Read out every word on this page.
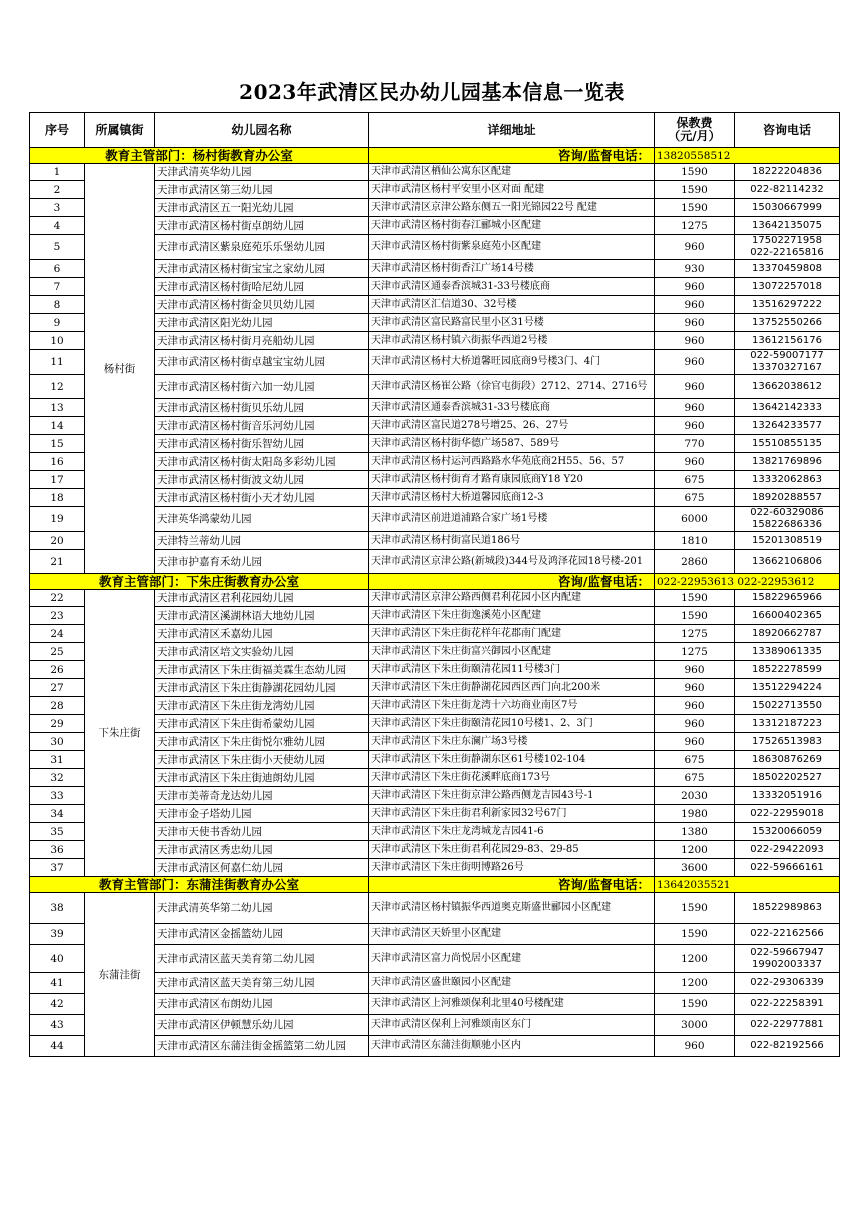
2023年武清区民办幼儿园基本信息一览表
序号	所属镇街	幼儿园名称	详细地址	保教费
（元/月）	咨询电话
教育主管部门：杨村街教育办公室			咨询/监督电话：	13820558512	
1	杨村街	天津武清英华幼儿园	天津市武清区栖仙公寓东区配建	1590	18222204836
2		天津市武清区第三幼儿园	天津市武清区杨村平安里小区对面 配建	1590	022-82114232
3		天津市武清区五一阳光幼儿园	天津市武清区京津公路东侧五一阳光锦园22号 配建	1590	15030667999
4		天津市武清区杨村街卓朗幼儿园	天津市武清区杨村街春江郦城小区配建	1275	13642135075
5		天津市武清区紫泉庭苑乐乐堡幼儿园	天津市武清区杨村街紫泉庭苑小区配建	960	17502271958
022-22165816
6		天津市武清区杨村街宝宝之家幼儿园	天津市武清区杨村街香江广场14号楼	930	13370459808
7		天津市武清区杨村街哈尼幼儿园	天津市武清区通泰香滨城31-33号楼底商	960	13072257018
8		天津市武清区杨村街金贝贝幼儿园	天津市武清区汇信道30、32号楼	960	13516297222
9		天津市武清区阳光幼儿园	天津市武清区富民路富民里小区31号楼	960	13752550266
10		天津市武清区杨村街月亮船幼儿园	天津市武清区杨村镇六街振华西道2号楼	960	13612156176
11		天津市武清区杨村街卓越宝宝幼儿园	天津市武清区杨村大桥道馨旺园底商9号楼3门、4门	960	022-59007177
13370327167
12		天津市武清区杨村街六加一幼儿园	天津市武清区杨崔公路（徐官屯街段）2712、2714、2716号	960	13662038612
13		天津市武清区杨村街贝乐幼儿园	天津市武清区通泰香滨城31-33号楼底商	960	13642142333
14		天津市武清区杨村街音乐河幼儿园	天津市武清区富民道278号增25、26、27号	960	13264233577
15		天津市武清区杨村街乐智幼儿园	天津市武清区杨村街华德广场587、589号	770	15510855135
16		天津市武清区杨村街太阳岛多彩幼儿园	天津市武清区杨村运河西路路水华苑底商2H55、56、57	960	13821769896
17		天津市武清区杨村街波文幼儿园	天津市武清区杨村街育才路育康园底商Y18 Y20	675	13332062863
18		天津市武清区杨村街小天才幼儿园	天津市武清区杨村大桥道馨园底商12-3	675	18920288557
19		天津英华鸿蒙幼儿园	天津市武清区前进道浦路合家广场1号楼	6000	022-60329086
15822686336
20		天津特兰蒂幼儿园	天津市武清区杨村街富民道186号	1810	15201308519
21		天津市护嘉育禾幼儿园	天津市武清区京津公路(新城段)344号及鸿泽花园18号楼-201	2860	13662106806
教育主管部门：下朱庄街教育办公室			咨询/监督电话：	022-22953613 022-22953612	
22	下朱庄街	天津市武清区君利花园幼儿园	天津市武清区京津公路西侧君利花园小区内配建	1590	15822965966
23		天津市武清区溪湖林语大地幼儿园	天津市武清区下朱庄街逸溪苑小区配建	1590	16600402365
24		天津市武清区禾嘉幼儿园	天津市武清区下朱庄街花样年花郡南门配建	1275	18920662787
25		天津市武清区培文实验幼儿园	天津市武清区下朱庄街富兴御园小区配建	1275	13389061335
26		天津市武清区下朱庄街福美霖生态幼儿园	天津市武清区下朱庄街颐清花园11号楼3门	960	18522278599
27		天津市武清区下朱庄街静湖花园幼儿园	天津市武清区下朱庄街静湖花园西区西门向北200米	960	13512294224
28		天津市武清区下朱庄街龙湾幼儿园	天津市武清区下朱庄街龙湾十六坊商业南区7号	960	15022713550
29		天津市武清区下朱庄街希蒙幼儿园	天津市武清区下朱庄街颐清花园10号楼1、2、3门	960	13312187223
30		天津市武清区下朱庄街悦尔雅幼儿园	天津市武清区下朱庄东澜广场3号楼	960	17526513983
31		天津市武清区下朱庄街小天使幼儿园	天津市武清区下朱庄街静湖东区61号楼102-104	675	18630876269
32		天津市武清区下朱庄街迪朗幼儿园	天津市武清区下朱庄街花溪畔底商173号	675	18502202527
33		天津市美蒂奇龙达幼儿园	天津市武清区下朱庄街京津公路西侧龙吉园43号-1	2030	13332051916
34		天津市金子塔幼儿园	天津市武清区下朱庄街君利新家园32号67门	1980	022-22959018
35		天津市天使书香幼儿园	天津市武清区下朱庄龙湾城龙吉园41-6	1380	15320066059
36		天津市武清区秀忠幼儿园	天津市武清区下朱庄街君利花园29-83、29-85	1200	022-29422093
37		天津市武清区何嘉仁幼儿园	天津市武清区下朱庄街明博路26号	3600	022-59666161
教育主管部门：东蒲洼街教育办公室			咨询/监督电话：	13642035521	
38	东蒲洼街	天津武清英华第二幼儿园	天津市武清区杨村镇振华西道奥克斯盛世郦园小区配建	1590	18522989863
39		天津市武清区金摇篮幼儿园	天津市武清区天娇里小区配建	1590	022-22162566
40		天津市武清区蓝天美育第二幼儿园	天津市武清区富力尚悦居小区配建	1200	022-59667947
19902003337
41		天津市武清区蓝天美育第三幼儿园	天津市武清区盛世颐园小区配建	1200	022-29306339
42		天津市武清区布朗幼儿园	天津市武清区上河雅颂保利北里40号楼配建	1590	022-22258391
43		天津市武清区伊顿慧乐幼儿园	天津市武清区保利上河雅颂南区东门	3000	022-22977881
44		天津市武清区东蒲洼街金摇篮第二幼儿园	天津市武清区东蒲洼街顺驰小区内	960	022-82192566
